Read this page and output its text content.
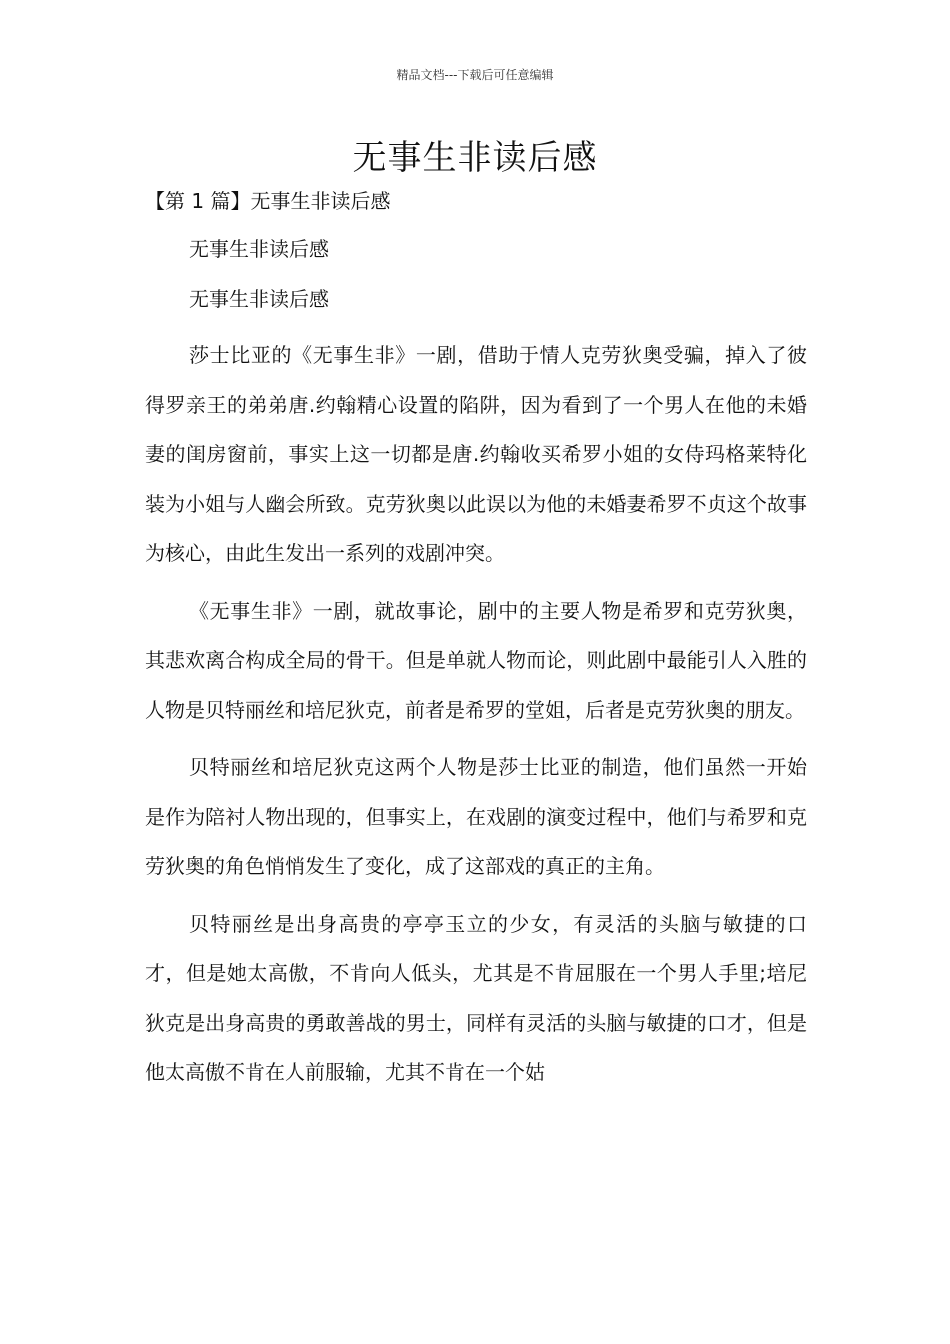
精品文档---下载后可任意编辑
无事生非读后感

【第 1 篇】无事生非读后感

无事生非读后感

无事生非读后感

莎士比亚的《无事生非》一剧，借助于情人克劳狄奥受骗，掉入了彼得罗亲王的弟弟唐.约翰精心设置的陷阱，因为看到了一个男人在他的未婚妻的闺房窗前，事实上这一切都是唐.约翰收买希罗小姐的女侍玛格莱特化装为小姐与人幽会所致。克劳狄奥以此误以为他的未婚妻希罗不贞这个故事为核心，由此生发出一系列的戏剧冲突。

《无事生非》一剧，就故事论，剧中的主要人物是希罗和克劳狄奥，其悲欢离合构成全局的骨干。但是单就人物而论，则此剧中最能引人入胜的人物是贝特丽丝和培尼狄克，前者是希罗的堂姐，后者是克劳狄奥的朋友。

贝特丽丝和培尼狄克这两个人物是莎士比亚的制造，他们虽然一开始是作为陪衬人物出现的，但事实上，在戏剧的演变过程中，他们与希罗和克劳狄奥的角色悄悄发生了变化，成了这部戏的真正的主角。

贝特丽丝是出身高贵的亭亭玉立的少女，有灵活的头脑与敏捷的口才，但是她太高傲，不肯向人低头，尤其是不肯屈服在一个男人手里;培尼狄克是出身高贵的勇敢善战的男士，同样有灵活的头脑与敏捷的口才，但是他太高傲不肯在人前服输，尤其不肯在一个姑
